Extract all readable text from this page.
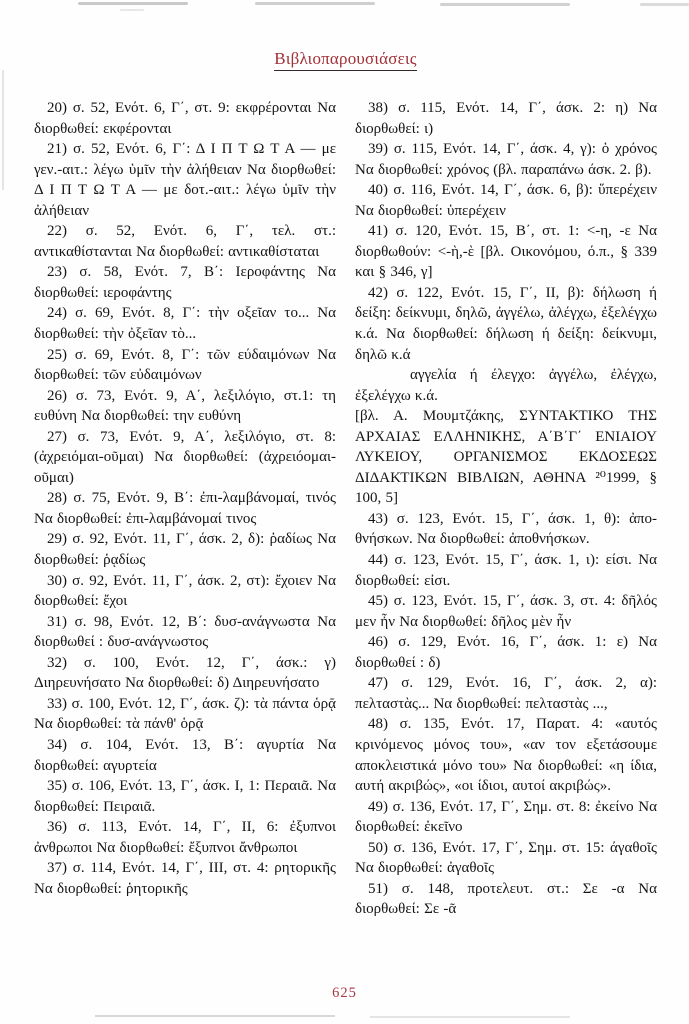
Βιβλιοπαρουσιάσεις

20) σ. 52, Ενότ. 6, Γ΄, στ. 9: εκφρέρονται Να διορθωθεί: εκφέρονται

21) σ. 52, Ενότ. 6, Γ΄: Δ Ι Π Τ Ω Τ Α — με γεν.-αιτ.: λέγω ὑμῖν τὴν ἀλήθειαν Να διορθωθεί: Δ Ι Π Τ Ω Τ Α — με δοτ.-αιτ.: λέγω ὑμῖν τὴν ἀλήθειαν

22) σ. 52, Ενότ. 6, Γ΄, τελ. στ.: αντικαθίστανται Να διορθωθεί: αντικαθίσταται

23) σ. 58, Ενότ. 7, Β΄: Ιεροφάντης Να διορθωθεί: ιεροφάντης

24) σ. 69, Ενότ. 8, Γ΄: τὴν οξεῖαν το... Να διορθωθεί: τὴν ὀξεῖαν τὸ...

25) σ. 69, Ενότ. 8, Γ΄: τῶν εύδαιμόνων Να διορθωθεί: τῶν εὐδαιμόνων

26) σ. 73, Ενότ. 9, Α΄, λεξιλόγιο, στ.1: τη ευθύνη Να διορθωθεί: την ευθύνη

27) σ. 73, Ενότ. 9, Α΄, λεξιλόγιο, στ. 8: (ἀχρειόμαι-οῦμαι) Να διορθωθεί: (ἀχρειόομαι-οῦμαι)

28) σ. 75, Ενότ. 9, Β΄: ἐπι-λαμβάνομαί, τινός Να διορθωθεί: ἐπι-λαμβάνομαί τινος

29) σ. 92, Ενότ. 11, Γ΄, άσκ. 2, δ): ῥαδίως Να διορθωθεί: ῥᾳδίως

30) σ. 92, Ενότ. 11, Γ΄, άσκ. 2, στ): ἔχοιεν Να διορθωθεί: ἔχοι

31) σ. 98, Ενότ. 12, Β΄: δυσ-ανάγνωστα Να διορθωθεί : δυσ-ανάγνωστος

32) σ. 100, Ενότ. 12, Γ΄, άσκ.: γ) Διηρευνήσατο Να διορθωθεί: δ) Διηρευνήσατο

33) σ. 100, Ενότ. 12, Γ΄, άσκ. ζ): τὰ πάντα ὁρᾷ Να διορθωθεί: τὰ πάνθ' ὁρᾷ

34) σ. 104, Ενότ. 13, Β΄: αγυρτία Να διορθωθεί: αγυρτεία

35) σ. 106, Ενότ. 13, Γ΄, άσκ. Ι, 1: Περαιᾶ. Να διορθωθεί: Πειραιᾶ.

36) σ. 113, Ενότ. 14, Γ΄, ΙΙ, 6: ἐξυπνοι ἀνθρωποι Να διορθωθεί: ἔξυπνοι ἄνθρωποι

37) σ. 114, Ενότ. 14, Γ΄, ΙΙΙ, στ. 4: ρητορικῆς Να διορθωθεί: ῥητορικῆς

38) σ. 115, Ενότ. 14, Γ΄, άσκ. 2: η) Να διορθωθεί: ι)

39) σ. 115, Ενότ. 14, Γ΄, άσκ. 4, γ): ὁ χρόνος Να διορθωθεί: χρόνος (βλ. παραπάνω άσκ. 2. β).

40) σ. 116, Ενότ. 14, Γ΄, άσκ. 6, β): ὕπερέχειν Να διορθωθεί: ὑπερέχειν

41) σ. 120, Ενότ. 15, Β΄, στ. 1: <-η, -ε Να διορθωθούν: <-ὴ,-ὲ [βλ. Οικονόμου, ό.π., § 339 και § 346, γ]

42) σ. 122, Ενότ. 15, Γ΄, ΙΙ, β): δήλωση ή δείξη: δείκνυμι, δηλῶ, ἀγγέλω, ἀλέγχω, ἐξελέγχω κ.ά. Να διορθωθεί: δήλωση ή δείξη: δείκνυμι, δηλῶ κ.ά

αγγελία ή έλεγχο: ἀγγέλω, ἐλέγχω, ἐξελέγχω κ.ά.

[βλ. Α. Μουμτζάκης, ΣΥΝΤΑΚΤΙΚΟ ΤΗΣ ΑΡΧΑΙΑΣ ΕΛΛΗΝΙΚΗΣ, Α΄Β΄Γ΄ ΕΝΙΑΙΟΥ ΛΥΚΕΙΟΥ, ΟΡΓΑΝΙΣΜΟΣ ΕΚΔΟΣΕΩΣ ΔΙΔΑΚΤΙΚΩΝ ΒΙΒΛΙΩΝ, ΑΘΗΝΑ ²⁰1999, § 100, 5]

43) σ. 123, Ενότ. 15, Γ΄, άσκ. 1, θ): ἀπο-θνήσκων. Να διορθωθεί: ἀποθνήσκων.

44) σ. 123, Ενότ. 15, Γ΄, άσκ. 1, ι): είσι. Να διορθωθεί: εἰσι.

45) σ. 123, Ενότ. 15, Γ΄, άσκ. 3, στ. 4: δῆλός μεν ἦν Να διορθωθεί: δῆλος μὲν ἦν

46) σ. 129, Ενότ. 16, Γ΄, άσκ. 1: ε) Να διορθωθεί : δ)

47) σ. 129, Ενότ. 16, Γ΄, άσκ. 2, α): πελταστὰς... Να διορθωθεί: πελταστὰς ...,

48) σ. 135, Ενότ. 17, Παρατ. 4: «αυτός κρινόμενος μόνος του», «αν τον εξετάσουμε αποκλειστικά μόνο του» Να διορθωθεί: «η ίδια, αυτή ακριβώς», «οι ίδιοι, αυτοί ακριβώς».

49) σ. 136, Ενότ. 17, Γ΄, Σημ. στ. 8: ἐκείνο Να διορθωθεί: ἐκεῖνο

50) σ. 136, Ενότ. 17, Γ΄, Σημ. στ. 15: άγαθοῖς Να διορθωθεί: ἀγαθοῖς

51) σ. 148, προτελευτ. στ.: Σε -α Να διορθωθεί: Σε -ᾶ

625
